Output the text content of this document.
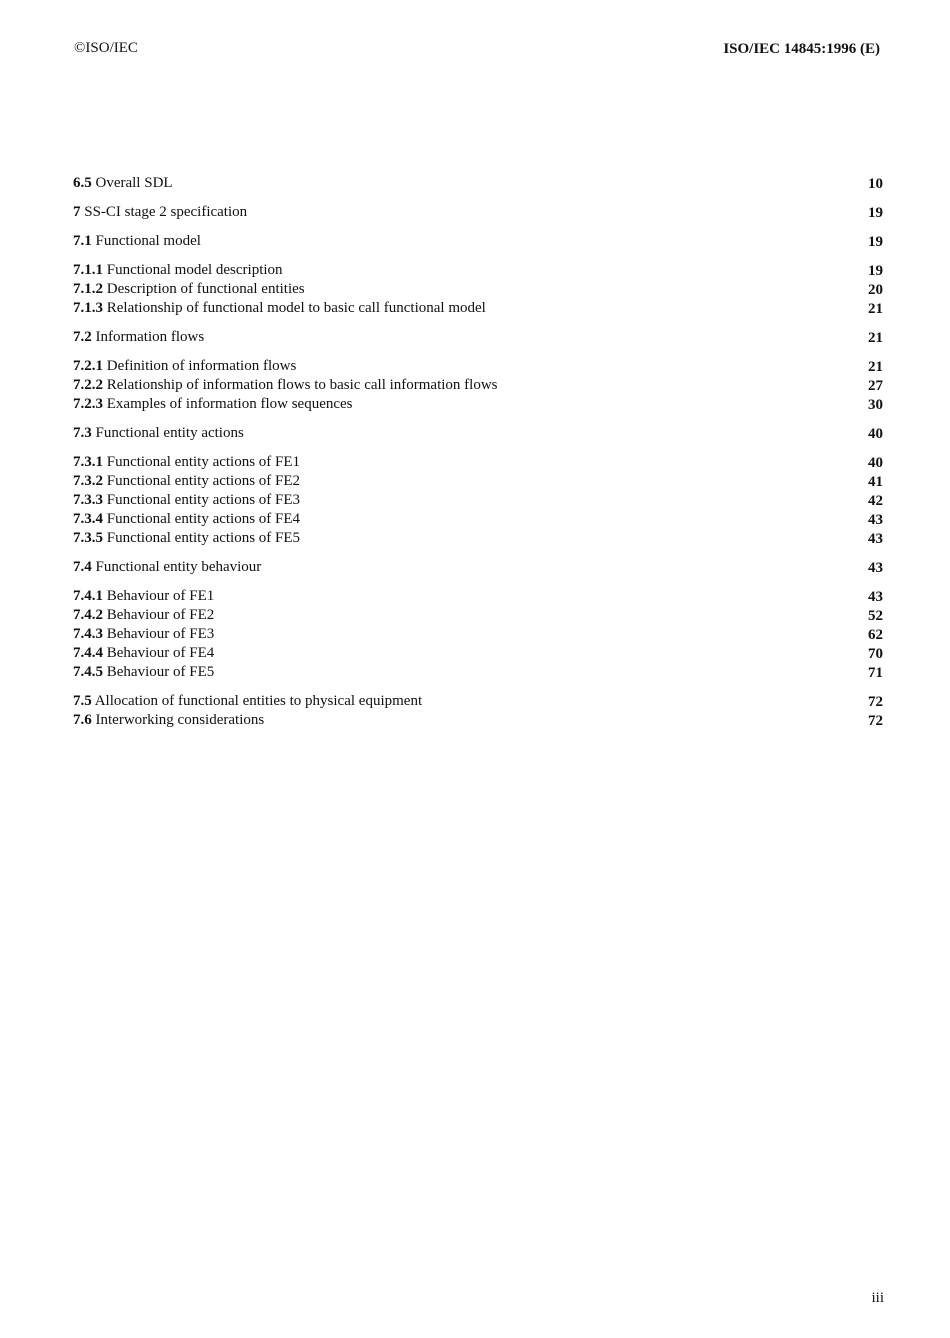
©ISO/IEC	ISO/IEC 14845:1996 (E)
6.5 Overall SDL	10
7 SS-CI stage 2 specification	19
7.1 Functional model	19
7.1.1 Functional model description	19
7.1.2 Description of functional entities	20
7.1.3 Relationship of functional model to basic call functional model	21
7.2 Information flows	21
7.2.1 Definition of information flows	21
7.2.2 Relationship of information flows to basic call information flows	27
7.2.3 Examples of information flow sequences	30
7.3 Functional entity actions	40
7.3.1 Functional entity actions of FE1	40
7.3.2 Functional entity actions of FE2	41
7.3.3 Functional entity actions of FE3	42
7.3.4 Functional entity actions of FE4	43
7.3.5 Functional entity actions of FE5	43
7.4 Functional entity behaviour	43
7.4.1 Behaviour of FE1	43
7.4.2 Behaviour of FE2	52
7.4.3 Behaviour of FE3	62
7.4.4 Behaviour of FE4	70
7.4.5 Behaviour of FE5	71
7.5 Allocation of functional entities to physical equipment	72
7.6 Interworking considerations	72
iii
